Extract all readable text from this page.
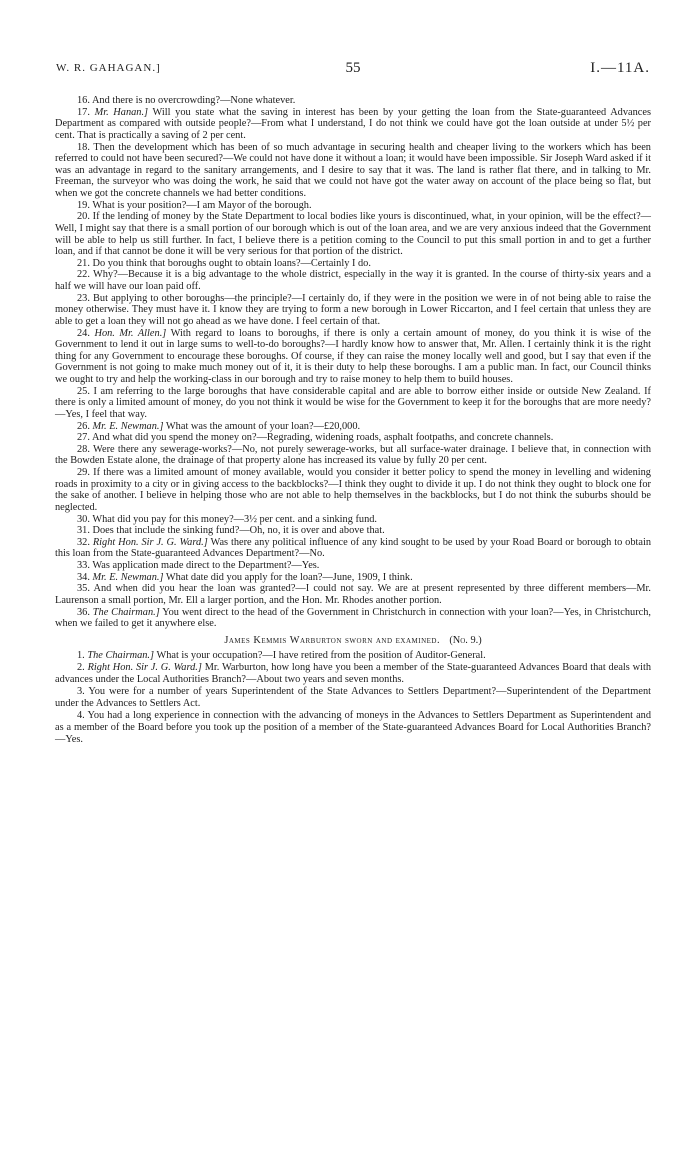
W. R. GAHAGAN.]	55	I.—11A.

16. And there is no overcrowding?—None whatever.

17. Mr. Hanan.] Will you state what the saving in interest has been by your getting the loan from the State-guaranteed Advances Department as compared with outside people?—From what I understand, I do not think we could have got the loan outside at under 5½ per cent. That is practically a saving of 2 per cent.

18. Then the development which has been of so much advantage in securing health and cheaper living to the workers which has been referred to could not have been secured?—We could not have done it without a loan; it would have been impossible. Sir Joseph Ward asked if it was an advantage in regard to the sanitary arrangements, and I desire to say that it was. The land is rather flat there, and in talking to Mr. Freeman, the surveyor who was doing the work, he said that we could not have got the water away on account of the place being so flat, but when we got the concrete channels we had better conditions.

19. What is your position?—I am Mayor of the borough.

20. If the lending of money by the State Department to local bodies like yours is discontinued, what, in your opinion, will be the effect?—Well, I might say that there is a small portion of our borough which is out of the loan area, and we are very anxious indeed that the Government will be able to help us still further. In fact, I believe there is a petition coming to the Council to put this small portion in and to get a further loan, and if that cannot be done it will be very serious for that portion of the district.

21. Do you think that boroughs ought to obtain loans?—Certainly I do.

22. Why?—Because it is a big advantage to the whole district, especially in the way it is granted. In the course of thirty-six years and a half we will have our loan paid off.

23. But applying to other boroughs—the principle?—I certainly do, if they were in the position we were in of not being able to raise the money otherwise. They must have it. I know they are trying to form a new borough in Lower Riccarton, and I feel certain that unless they are able to get a loan they will not go ahead as we have done. I feel certain of that.

24. Hon. Mr. Allen.] With regard to loans to boroughs, if there is only a certain amount of money, do you think it is wise of the Government to lend it out in large sums to well-to-do boroughs?—I hardly know how to answer that, Mr. Allen. I certainly think it is the right thing for any Government to encourage these boroughs. Of course, if they can raise the money locally well and good, but I say that even if the Government is not going to make much money out of it, it is their duty to help these boroughs. I am a public man. In fact, our Council thinks we ought to try and help the working-class in our borough and try to raise money to help them to build houses.

25. I am referring to the large boroughs that have considerable capital and are able to borrow either inside or outside New Zealand. If there is only a limited amount of money, do you not think it would be wise for the Government to keep it for the boroughs that are more needy?—Yes, I feel that way.

26. Mr. E. Newman.] What was the amount of your loan?—£20,000.

27. And what did you spend the money on?—Regrading, widening roads, asphalt footpaths, and concrete channels.

28. Were there any sewerage-works?—No, not purely sewerage-works, but all surface-water drainage. I believe that, in connection with the Bowden Estate alone, the drainage of that property alone has increased its value by fully 20 per cent.

29. If there was a limited amount of money available, would you consider it better policy to spend the money in levelling and widening roads in proximity to a city or in giving access to the backblocks?—I think they ought to divide it up. I do not think they ought to block one for the sake of another. I believe in helping those who are not able to help themselves in the backblocks, but I do not think the suburbs should be neglected.

30. What did you pay for this money?—3½ per cent. and a sinking fund.

31. Does that include the sinking fund?—Oh, no, it is over and above that.

32. Right Hon. Sir J. G. Ward.] Was there any political influence of any kind sought to be used by your Road Board or borough to obtain this loan from the State-guaranteed Advances Department?—No.

33. Was application made direct to the Department?—Yes.

34. Mr. E. Newman.] What date did you apply for the loan?—June, 1909, I think.

35. And when did you hear the loan was granted?—I could not say. We are at present represented by three different members—Mr. Laurenson a small portion, Mr. Ell a larger portion, and the Hon. Mr. Rhodes another portion.

36. The Chairman.] You went direct to the head of the Government in Christchurch in connection with your loan?—Yes, in Christchurch, when we failed to get it anywhere else.

James Kemmis Warburton sworn and examined. (No. 9.)

1. The Chairman.] What is your occupation?—I have retired from the position of Auditor-General.

2. Right Hon. Sir J. G. Ward.] Mr. Warburton, how long have you been a member of the State-guaranteed Advances Board that deals with advances under the Local Authorities Branch?—About two years and seven months.

3. You were for a number of years Superintendent of the State Advances to Settlers Department?—Superintendent of the Department under the Advances to Settlers Act.

4. You had a long experience in connection with the advancing of moneys in the Advances to Settlers Department as Superintendent and as a member of the Board before you took up the position of a member of the State-guaranteed Advances Board for Local Authorities Branch?—Yes.
